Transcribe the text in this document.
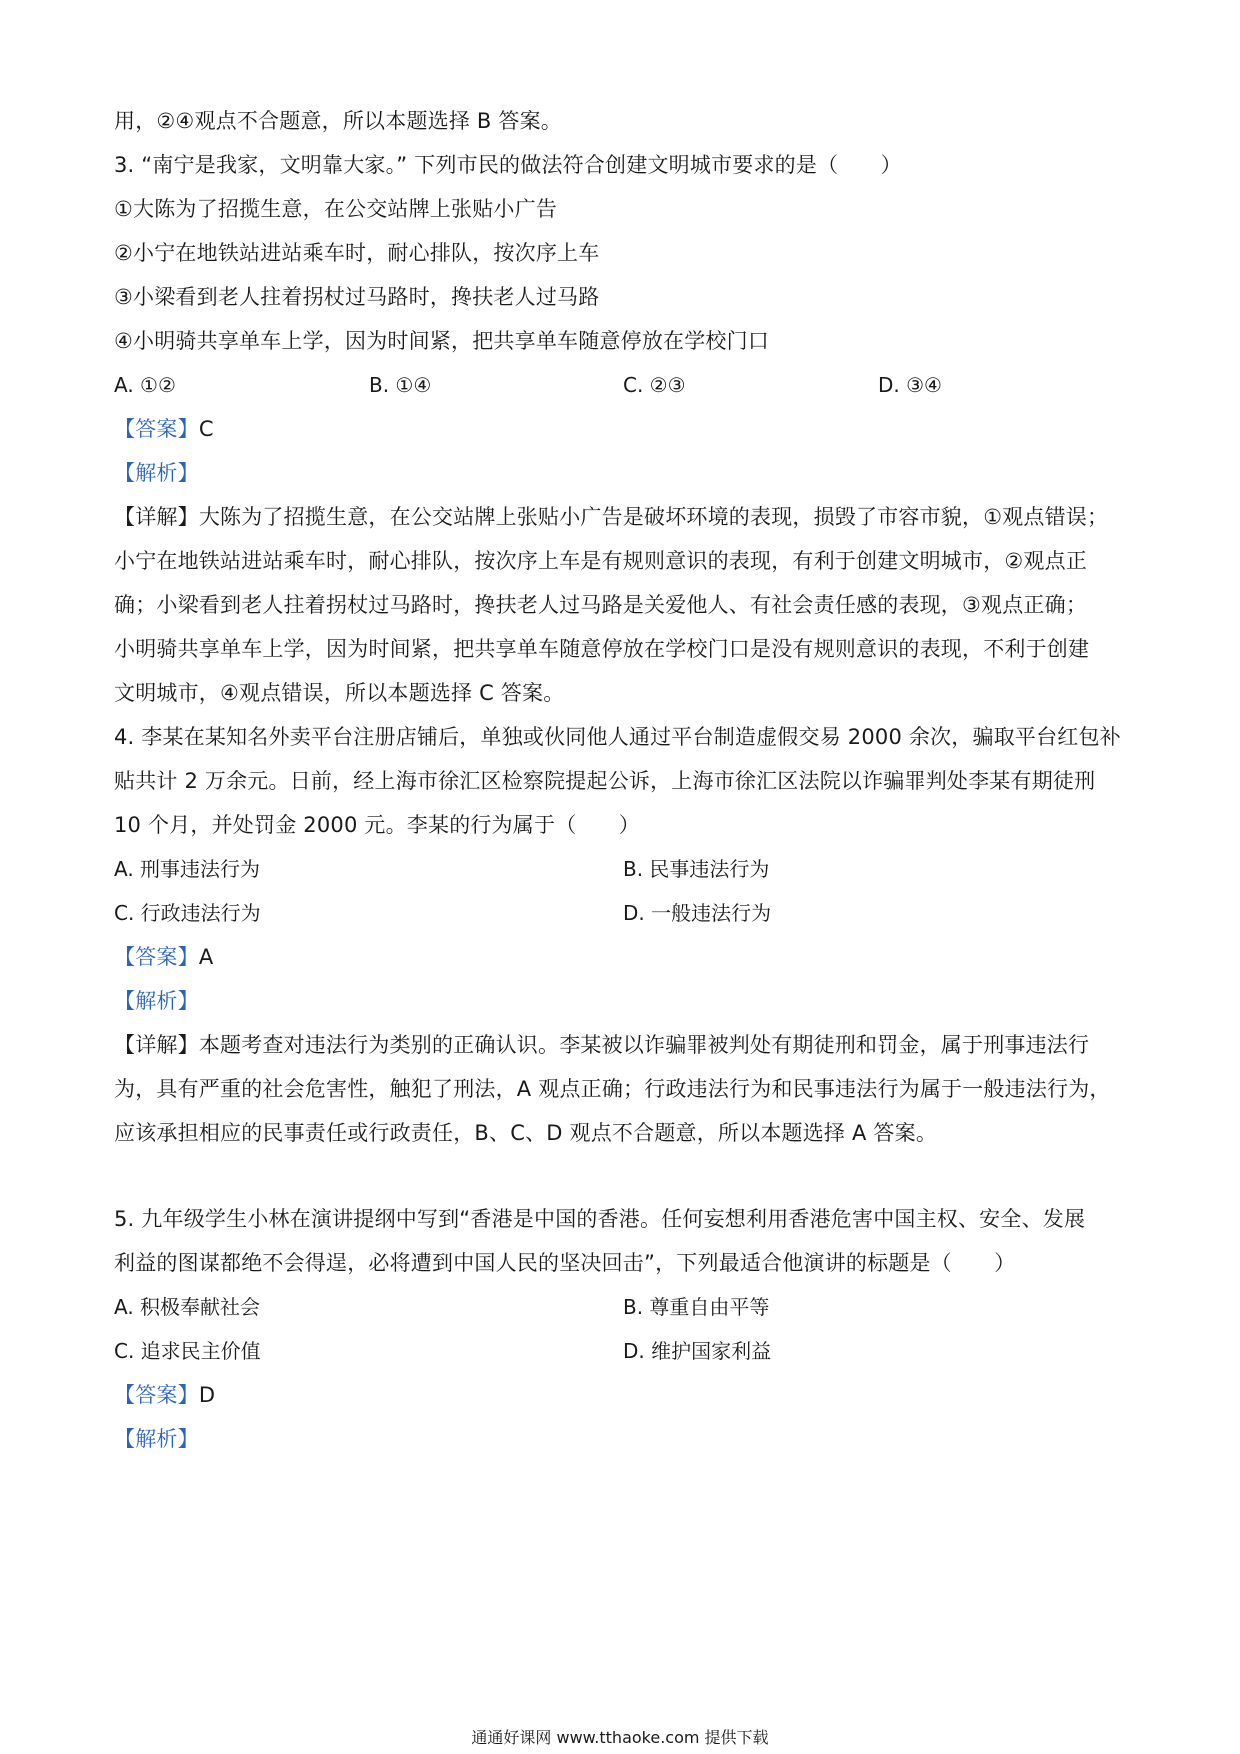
用，②④观点不合题意，所以本题选择 B 答案。
3. “南宁是我家，文明靠大家。” 下列市民的做法符合创建文明城市要求的是（　　）
①大陈为了招揽生意，在公交站牌上张贴小广告
②小宁在地铁站进站乘车时，耐心排队，按次序上车
③小梁看到老人拄着拐杖过马路时，搀扶老人过马路
④小明骑共享单车上学，因为时间紧，把共享单车随意停放在学校门口
A. ①②	B. ①④	C. ②③	D. ③④
【答案】C
【解析】
【详解】大陈为了招揽生意，在公交站牌上张贴小广告是破坏环境的表现，损毁了市容市貌，①观点错误；
小宁在地铁站进站乘车时，耐心排队，按次序上车是有规则意识的表现，有利于创建文明城市，②观点正
确；小梁看到老人拄着拐杖过马路时，搀扶老人过马路是关爱他人、有社会责任感的表现，③观点正确；
小明骑共享单车上学，因为时间紧，把共享单车随意停放在学校门口是没有规则意识的表现，不利于创建
文明城市，④观点错误，所以本题选择 C 答案。
4. 李某在某知名外卖平台注册店铺后，单独或伙同他人通过平台制造虚假交易 2000 余次，骗取平台红包补
贴共计 2 万余元。日前，经上海市徐汇区检察院提起公诉，上海市徐汇区法院以诈骗罪判处李某有期徒刑
10 个月，并处罚金 2000 元。李某的行为属于（　　）
A. 刑事违法行为	B. 民事违法行为
C. 行政违法行为	D. 一般违法行为
【答案】A
【解析】
【详解】本题考查对违法行为类别的正确认识。李某被以诈骗罪被判处有期徒刑和罚金，属于刑事违法行
为，具有严重的社会危害性，触犯了刑法，A 观点正确；行政违法行为和民事违法行为属于一般违法行为，
应该承担相应的民事责任或行政责任，B、C、D 观点不合题意，所以本题选择 A 答案。
5. 九年级学生小林在演讲提纲中写到“香港是中国的香港。任何妄想利用香港危害中国主权、安全、发展
利益的图谋都绝不会得逞，必将遭到中国人民的坚决回击”，下列最适合他演讲的标题是（　　）
A. 积极奉献社会	B. 尊重自由平等
C. 追求民主价值	D. 维护国家利益
【答案】D
【解析】
通通好课网 www.tthaoke.com 提供下载
